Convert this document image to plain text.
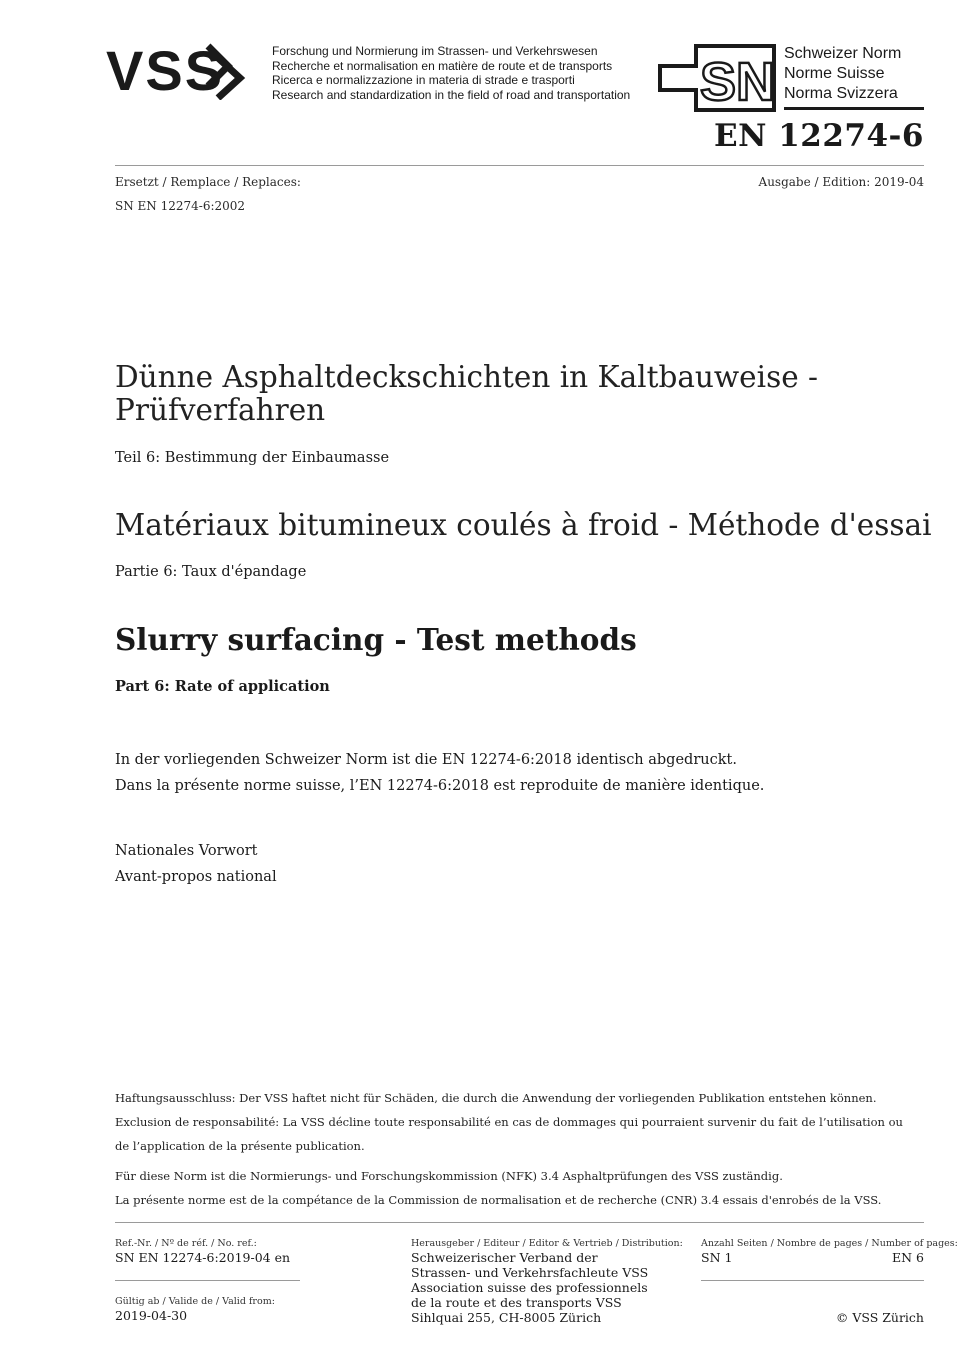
VSS	Forschung und Normierung im Strassen- und Verkehrswesen
Recherche et normalisation en matière de route et de transports
Ricerca e normalizzazione in materia di strade e trasporti
Research and standardization in the field of road and transportation SN Schweizer Norm
Norme Suisse
Norma Svizzera
EN 12274-6
Ersetzt / Remplace / Replaces:	Ausgabe / Edition: 2019-04
SN EN 12274-6:2002
Dünne Asphaltdeckschichten in Kaltbauweise -
Prüfverfahren
Teil 6: Bestimmung der Einbaumasse
Matériaux bitumineux coulés à froid - Méthode d'essai
Partie 6: Taux d'épandage
Slurry surfacing - Test methods
Part 6: Rate of application
In der vorliegenden Schweizer Norm ist die EN 12274-6:2018 identisch abgedruckt.
Dans la présente norme suisse, l’EN 12274-6:2018 est reproduite de manière identique.
Nationales Vorwort
Avant-propos national
Haftungsausschluss: Der VSS haftet nicht für Schäden, die durch die Anwendung der vorliegenden Publikation entstehen können.
Exclusion de responsabilité: La VSS décline toute responsabilité en cas de dommages qui pourraient survenir du fait de l’utilisation ou
de l’application de la présente publication.
Für diese Norm ist die Normierungs- und Forschungskommission (NFK) 3.4 Asphaltprüfungen des VSS zuständig.
La présente norme est de la compétance de la Commission de normalisation et de recherche (CNR) 3.4 essais d'enrobés de la VSS.
Ref.-Nr. / Nº de réf. / No. ref.:
SN EN 12274-6:2019-04 en
Gültig ab / Valide de / Valid from:
2019-04-30
Herausgeber / Editeur / Editor & Vertrieb / Distribution:
Schweizerischer Verband der
Strassen- und Verkehrsfachleute VSS
Association suisse des professionnels
de la route et des transports VSS
Sihlquai 255, CH-8005 Zürich
Anzahl Seiten / Nombre de pages / Number of pages:
SN 1	EN 6
© VSS Zürich
